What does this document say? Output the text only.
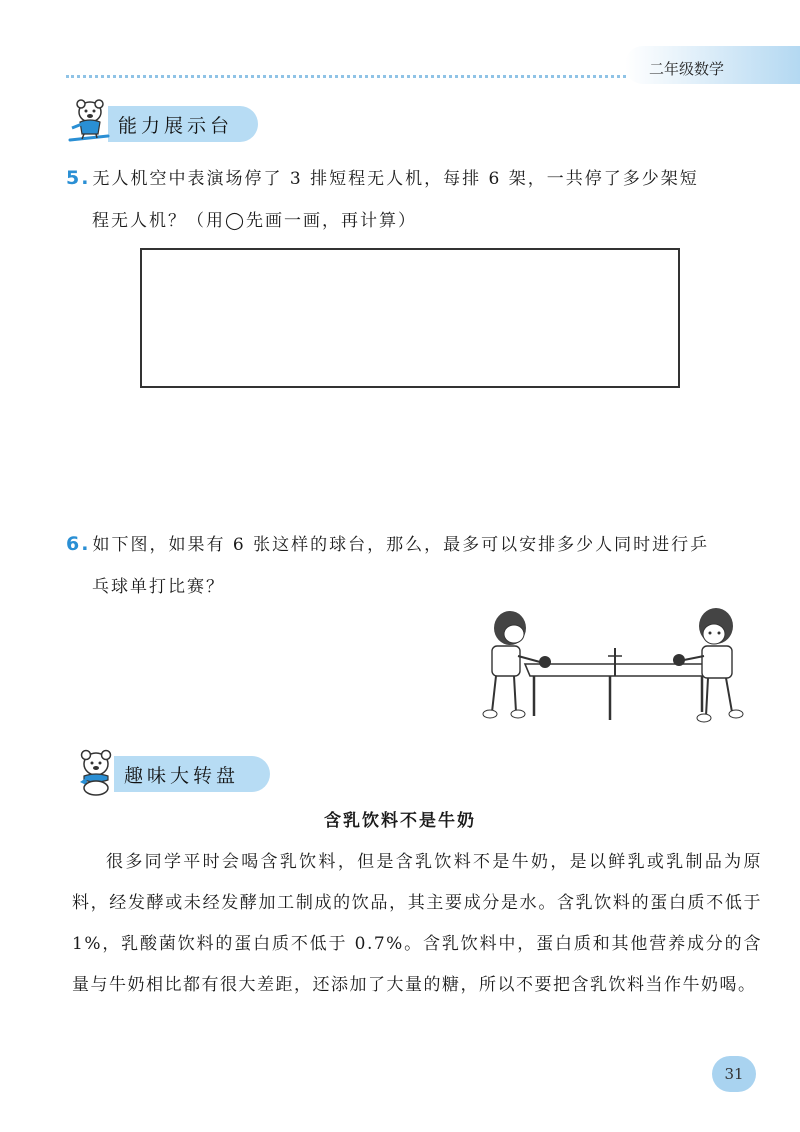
二年级数学
能力展示台
5. 无人机空中表演场停了 3 排短程无人机，每排 6 架，一共停了多少架短
程无人机？（用◯先画一画，再计算）
6. 如下图，如果有 6 张这样的球台，那么，最多可以安排多少人同时进行乒
乓球单打比赛？
趣味大转盘
含乳饮料不是牛奶

很多同学平时会喝含乳饮料，但是含乳饮料不是牛奶，是以鲜乳或乳制品为原料，经发酵或未经发酵加工制成的饮品，其主要成分是水。含乳饮料的蛋白质不低于 1%，乳酸菌饮料的蛋白质不低于 0.7%。含乳饮料中，蛋白质和其他营养成分的含量与牛奶相比都有很大差距，还添加了大量的糖，所以不要把含乳饮料当作牛奶喝。

31
